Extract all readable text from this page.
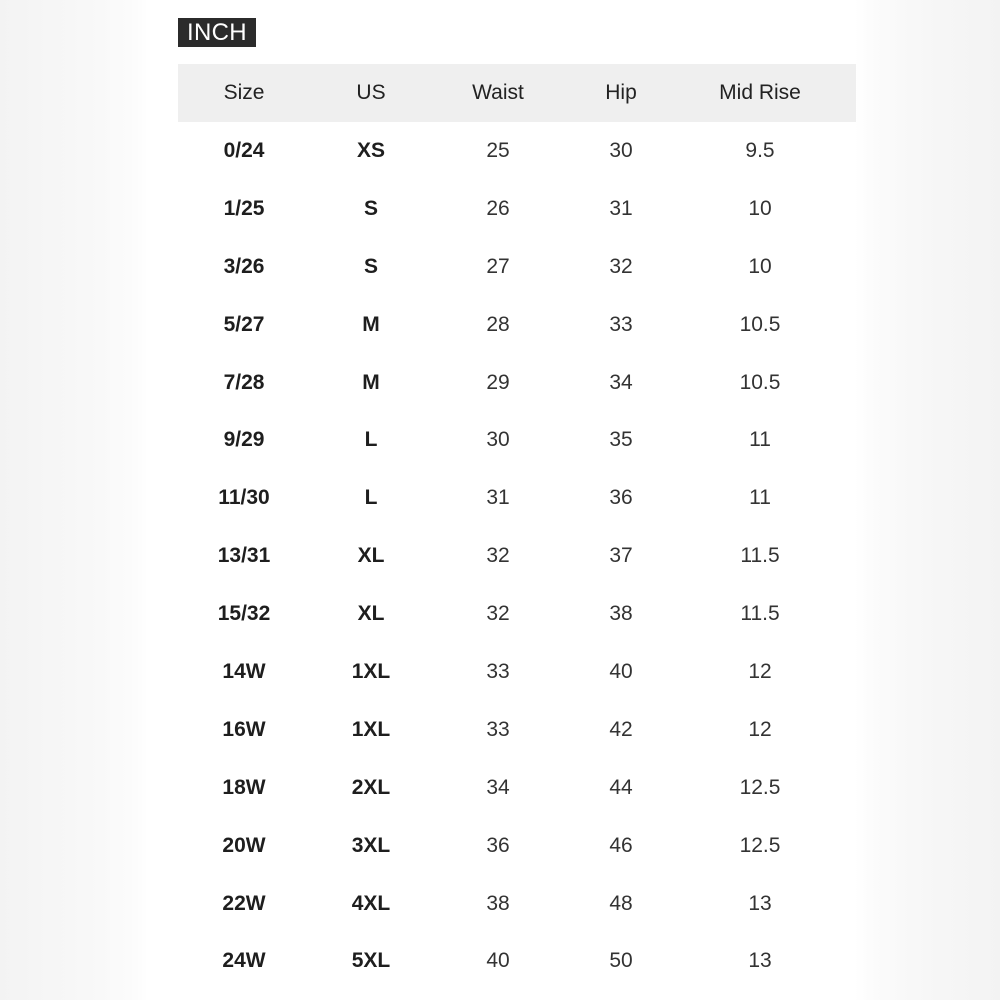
INCH
Size	US	Waist	Hip	Mid Rise
0/24	XS	25	30	9.5
1/25	S	26	31	10
3/26	S	27	32	10
5/27	M	28	33	10.5
7/28	M	29	34	10.5
9/29	L	30	35	11
11/30	L	31	36	11
13/31	XL	32	37	11.5
15/32	XL	32	38	11.5
14W	1XL	33	40	12
16W	1XL	33	42	12
18W	2XL	34	44	12.5
20W	3XL	36	46	12.5
22W	4XL	38	48	13
24W	5XL	40	50	13
